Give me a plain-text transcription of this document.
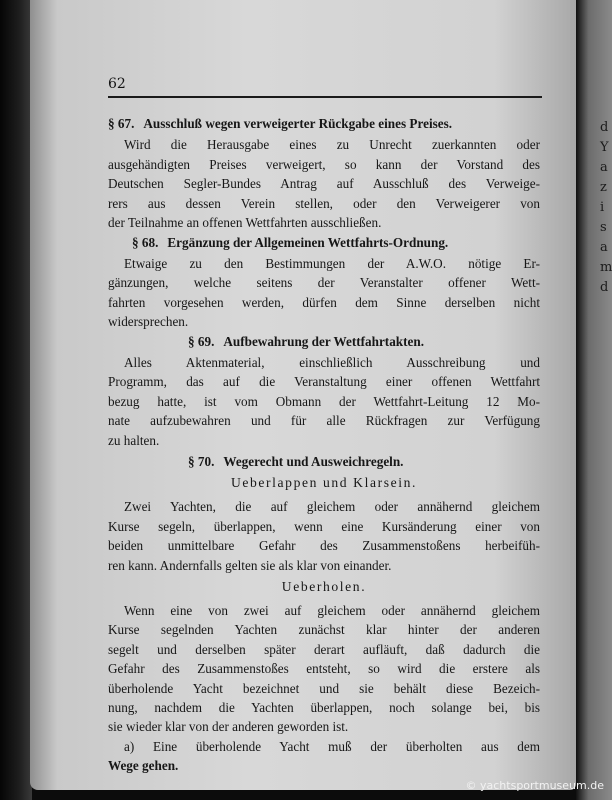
d
Y
a
z
i
s
a
m
d
62
§ 67. Ausschluß wegen verweigerter Rückgabe eines Preises.

Wird die Herausgabe eines zu Unrecht zuerkannten oder

ausgehändigten Preises verweigert, so kann der Vorstand des

Deutschen Segler-Bundes Antrag auf Ausschluß des Verweige-

rers aus dessen Verein stellen, oder den Verweigerer von

der Teilnahme an offenen Wettfahrten ausschließen.

§ 68. Ergänzung der Allgemeinen Wettfahrts-Ordnung.

Etwaige zu den Bestimmungen der A.W.O. nötige Er-

gänzungen, welche seitens der Veranstalter offener Wett-

fahrten vorgesehen werden, dürfen dem Sinne derselben nicht

widersprechen.

§ 69. Aufbewahrung der Wettfahrtakten.

Alles Aktenmaterial, einschließlich Ausschreibung und

Programm, das auf die Veranstaltung einer offenen Wettfahrt

bezug hatte, ist vom Obmann der Wettfahrt-Leitung 12 Mo-

nate aufzubewahren und für alle Rückfragen zur Verfügung

zu halten.

§ 70. Wegerecht und Ausweichregeln.
Ueberlappen und Klarsein.

Zwei Yachten, die auf gleichem oder annähernd gleichem

Kurse segeln, überlappen, wenn eine Kursänderung einer von

beiden unmittelbare Gefahr des Zusammenstoßens herbeifüh-

ren kann. Andernfalls gelten sie als klar von einander.

Ueberholen.

Wenn eine von zwei auf gleichem oder annähernd gleichem

Kurse segelnden Yachten zunächst klar hinter der anderen

segelt und derselben später derart aufläuft, daß dadurch die

Gefahr des Zusammenstoßes entsteht, so wird die erstere als

überholende Yacht bezeichnet und sie behält diese Bezeich-

nung, nachdem die Yachten überlappen, noch solange bei, bis

sie wieder klar von der anderen geworden ist.

a) Eine überholende Yacht muß der überholten aus dem

Wege gehen.

© yachtsportmuseum.de
